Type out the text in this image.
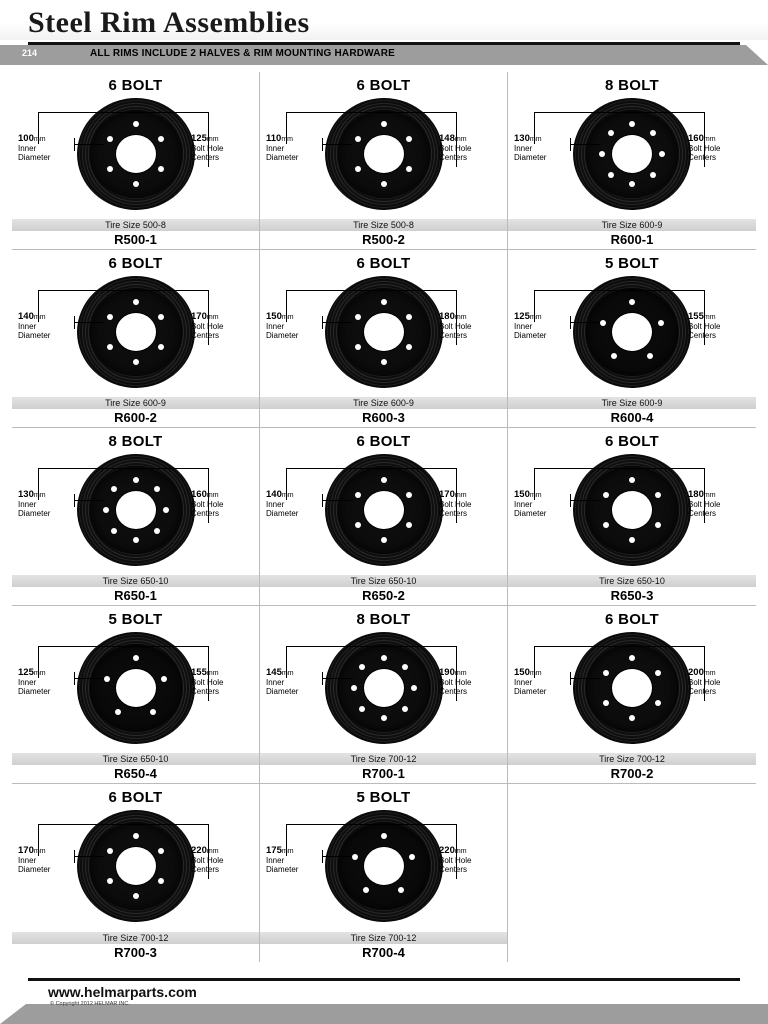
Steel Rim Assemblies
214	ALL RIMS INCLUDE 2 HALVES & RIM MOUNTING HARDWARE
6 BOLT
100mm
Inner
Diameter
125mm
Bolt Hole
Centers
Tire Size 500-8
R500-1
6 BOLT
110mm
Inner
Diameter
148mm
Bolt Hole
Centers
Tire Size 500-8
R500-2
8 BOLT
130mm
Inner
Diameter
160mm
Bolt Hole
Centers
Tire Size 600-9
R600-1
6 BOLT
140mm
Inner
Diameter
170mm
Bolt Hole
Centers
Tire Size 600-9
R600-2
6 BOLT
150mm
Inner
Diameter
180mm
Bolt Hole
Centers
Tire Size 600-9
R600-3
5 BOLT
125mm
Inner
Diameter
155mm
Bolt Hole
Centers
Tire Size 600-9
R600-4
8 BOLT
130mm
Inner
Diameter
160mm
Bolt Hole
Centers
Tire Size 650-10
R650-1
6 BOLT
140mm
Inner
Diameter
170mm
Bolt Hole
Centers
Tire Size 650-10
R650-2
6 BOLT
150mm
Inner
Diameter
180mm
Bolt Hole
Centers
Tire Size 650-10
R650-3
5 BOLT
125mm
Inner
Diameter
155mm
Bolt Hole
Centers
Tire Size 650-10
R650-4
8 BOLT
145mm
Inner
Diameter
190mm
Bolt Hole
Centers
Tire Size 700-12
R700-1
6 BOLT
150mm
Inner
Diameter
200mm
Bolt Hole
Centers
Tire Size 700-12
R700-2
6 BOLT
170mm
Inner
Diameter
220mm
Bolt Hole
Centers
Tire Size 700-12
R700-3
5 BOLT
175mm
Inner
Diameter
220mm
Bolt Hole
Centers
Tire Size 700-12
R700-4
www.helmarparts.com
© Copyright 2012 HELMAR INC.
